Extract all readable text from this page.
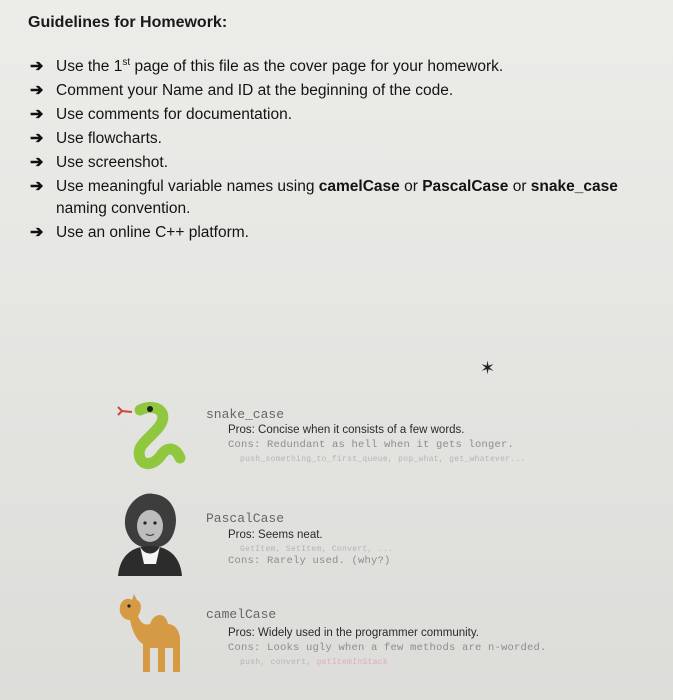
Guidelines for Homework:
➔ Use the 1st page of this file as the cover page for your homework.
➔ Comment your Name and ID at the beginning of the code.
➔ Use comments for documentation.
➔ Use flowcharts.
➔ Use screenshot.
➔ Use meaningful variable names using camelCase or PascalCase or snake_case naming convention.
➔ Use an online C++ platform.
✶
snake_case
Pros: Concise when it consists of a few words.
Cons: Redundant as hell when it gets longer.
push_something_to_first_queue, pop_what, get_whatever...
PascalCase
Pros: Seems neat.
GetItem, SetItem, Convert, ...
Cons: Rarely used. (why?)
camelCase
Pros: Widely used in the programmer community.
Cons: Looks ugly when a few methods are n-worded.
push, convert, getItemInStack
